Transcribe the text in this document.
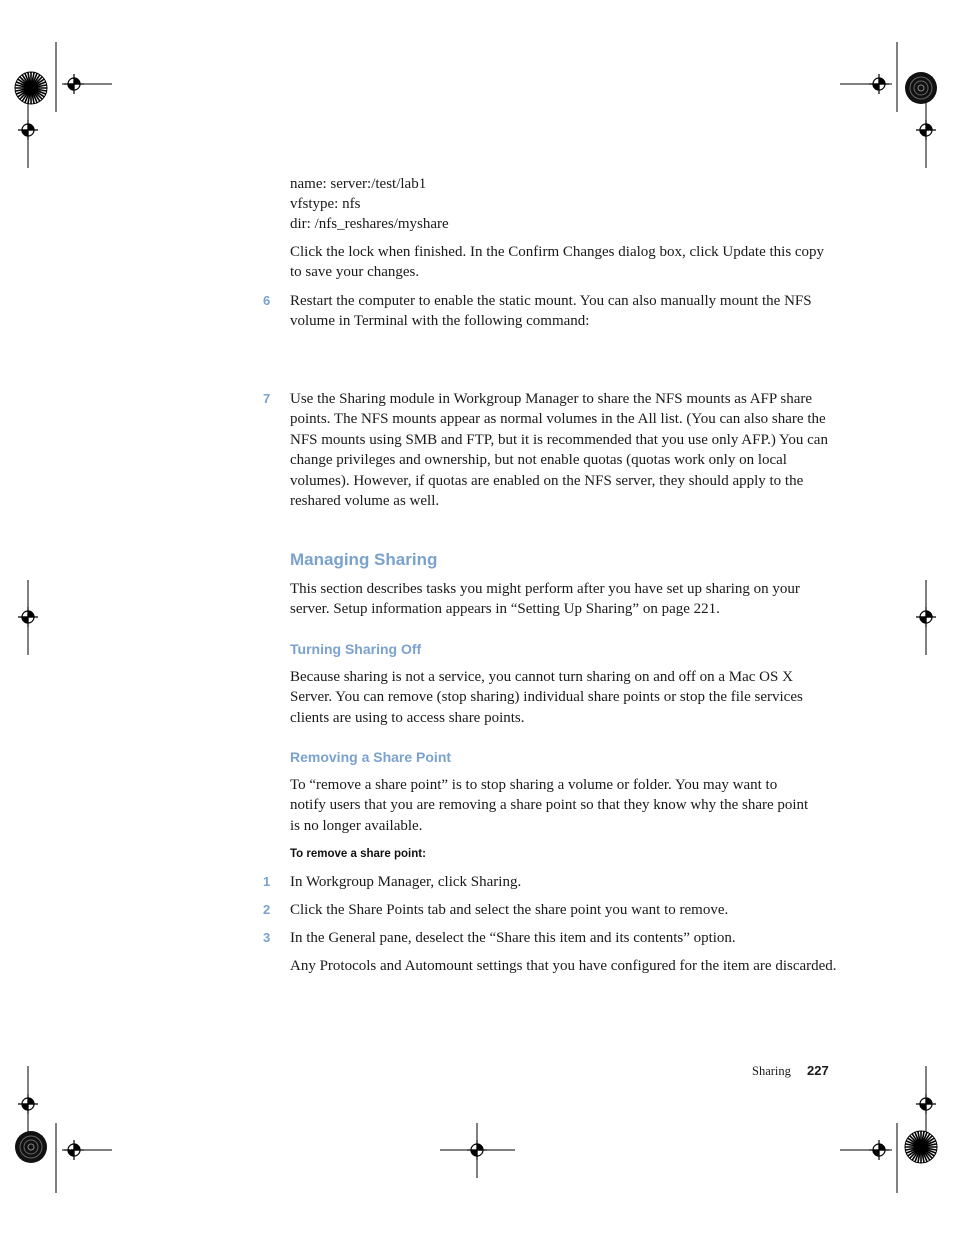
name: server:/test/lab1
vfstype: nfs
dir: /nfs_reshares/myshare
Click the lock when finished. In the Confirm Changes dialog box, click Update this copy to save your changes.
6 Restart the computer to enable the static mount. You can also manually mount the NFS volume in Terminal with the following command:
7 Use the Sharing module in Workgroup Manager to share the NFS mounts as AFP share points. The NFS mounts appear as normal volumes in the All list. (You can also share the NFS mounts using SMB and FTP, but it is recommended that you use only AFP.) You can change privileges and ownership, but not enable quotas (quotas work only on local volumes). However, if quotas are enabled on the NFS server, they should apply to the reshared volume as well.
Managing Sharing
This section describes tasks you might perform after you have set up sharing on your server. Setup information appears in “Setting Up Sharing” on page 221.
Turning Sharing Off
Because sharing is not a service, you cannot turn sharing on and off on a Mac OS X Server. You can remove (stop sharing) individual share points or stop the file services clients are using to access share points.
Removing a Share Point
To “remove a share point” is to stop sharing a volume or folder. You may want to notify users that you are removing a share point so that they know why the share point is no longer available.
To remove a share point:
1 In Workgroup Manager, click Sharing.
2 Click the Share Points tab and select the share point you want to remove.
3 In the General pane, deselect the “Share this item and its contents” option.
Any Protocols and Automount settings that you have configured for the item are discarded.
Sharing 227
